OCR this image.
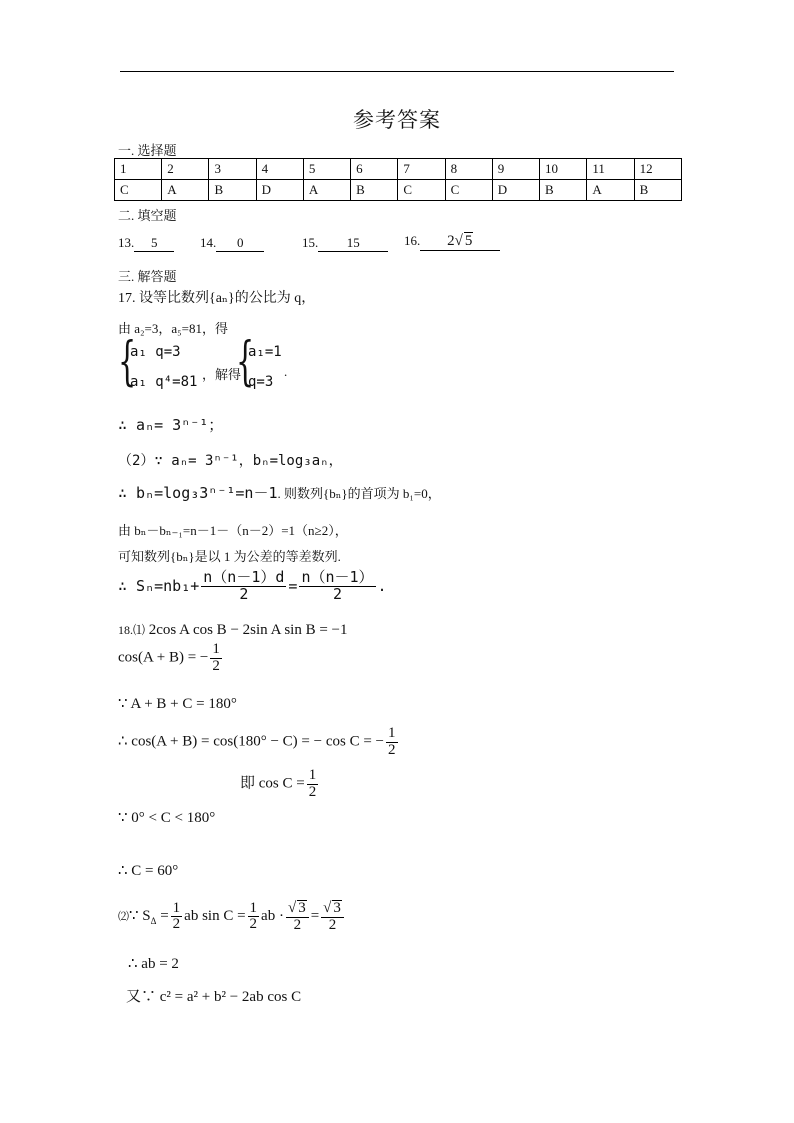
参考答案
一. 选择题
1	2	3	4	5	6	7	8	9	10	11	12
C	A	B	D	A	B	C	C	D	B	A	B
二. 填空题
13. 5	14. 0	15. 15	16. 2√ 5
三. 解答题
17. 设等比数列{aₙ}的公比为 q，
由 a₂=3，a₅=81，得
{
a₁ q=3
a₁ q⁴=81 ，解得
{
a₁=1
q=3
.
∴ aₙ= 3ⁿ⁻¹；
（2）∵ aₙ= 3ⁿ⁻¹，bₙ=log₃aₙ，
∴ bₙ=log₃3ⁿ⁻¹=n－1. 则数列{bₙ}的首项为 b₁=0，
由 bₙ－bₙ₋₁=n－1－（n－2）=1（n≥2），
可知数列{bₙ}是以 1 为公差的等差数列.
∴ $S_n=nb_1+ \frac{n(n-1)d}{2} = \frac{n(n-1)}{2}$ .
18.⑴ 2cos A cos B − 2sin A sin B = −1
cos(A + B) = − $\frac{1}{2}$
∵ A + B + C = 180°
∴ cos(A + B) = cos(180° − C) = − cos C = − $\frac{1}{2}$
即 $\cos C = \frac{1}{2}$
∵ 0° < C < 180°
∴ C = 60°
⑵∵ $S_\Delta = \frac{1}{2}$ ab $\sin C = \frac{1}{2}$ ab · $\frac{√ 3}{2} = \frac{√ 3}{2}$
∴ ab = 2
又∵ c² = a² + b² − 2ab cos C
